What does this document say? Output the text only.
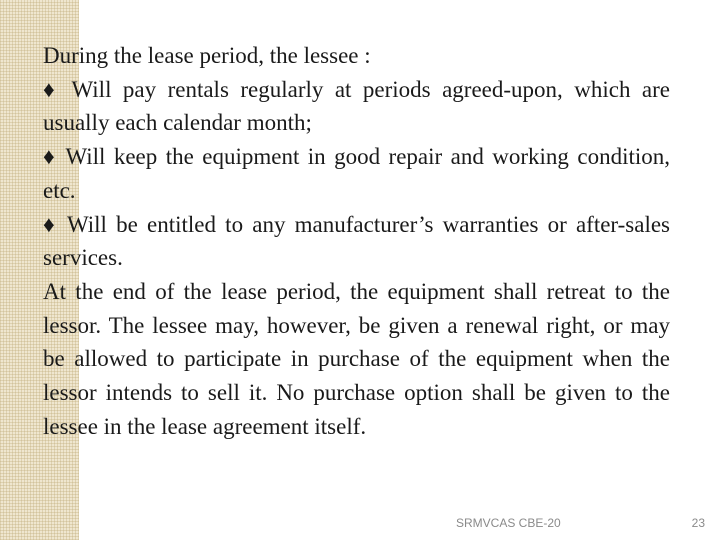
During the lease period, the lessee :

♦ Will pay rentals regularly at periods agreed-upon, which are usually each calendar month;

♦ Will keep the equipment in good repair and working condition, etc.

♦ Will be entitled to any manufacturer’s warranties or after-sales services.

At the end of the lease period, the equipment shall retreat to the lessor. The lessee may, however, be given a renewal right, or may be allowed to participate in purchase of the equipment when the lessor intends to sell it. No purchase option shall be given to the lessee in the lease agreement itself.

SRMVCAS CBE-20	23
